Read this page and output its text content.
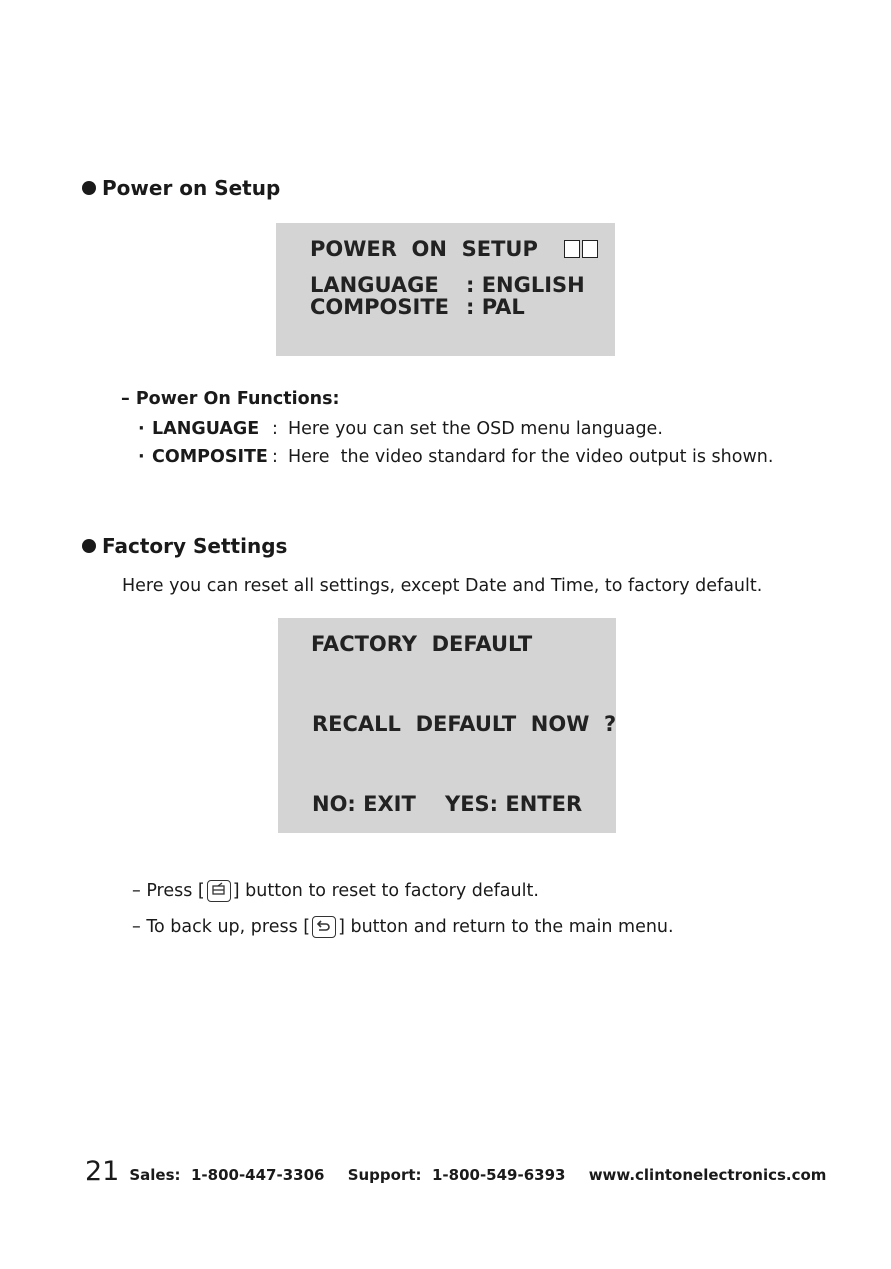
Power on Setup
POWER  ON  SETUP
LANGUAGE	: ENGLISH
COMPOSITE : PAL
– Power On Functions:
· LANGUAGE : Here you can set the OSD menu language.
· COMPOSITE : Here  the video standard for the video output is shown.
Factory Settings
Here you can reset all settings, except Date and Time, to factory default.
FACTORY  DEFAULT
RECALL  DEFAULT  NOW  ?
NO: EXIT	YES: ENTER
– Press [ ] button to reset to factory default.
– To back up, press [ ] button and return to the main menu.
21 Sales:  1-800-447-3306 Support:  1-800-549-6393 www.clintonelectronics.com
